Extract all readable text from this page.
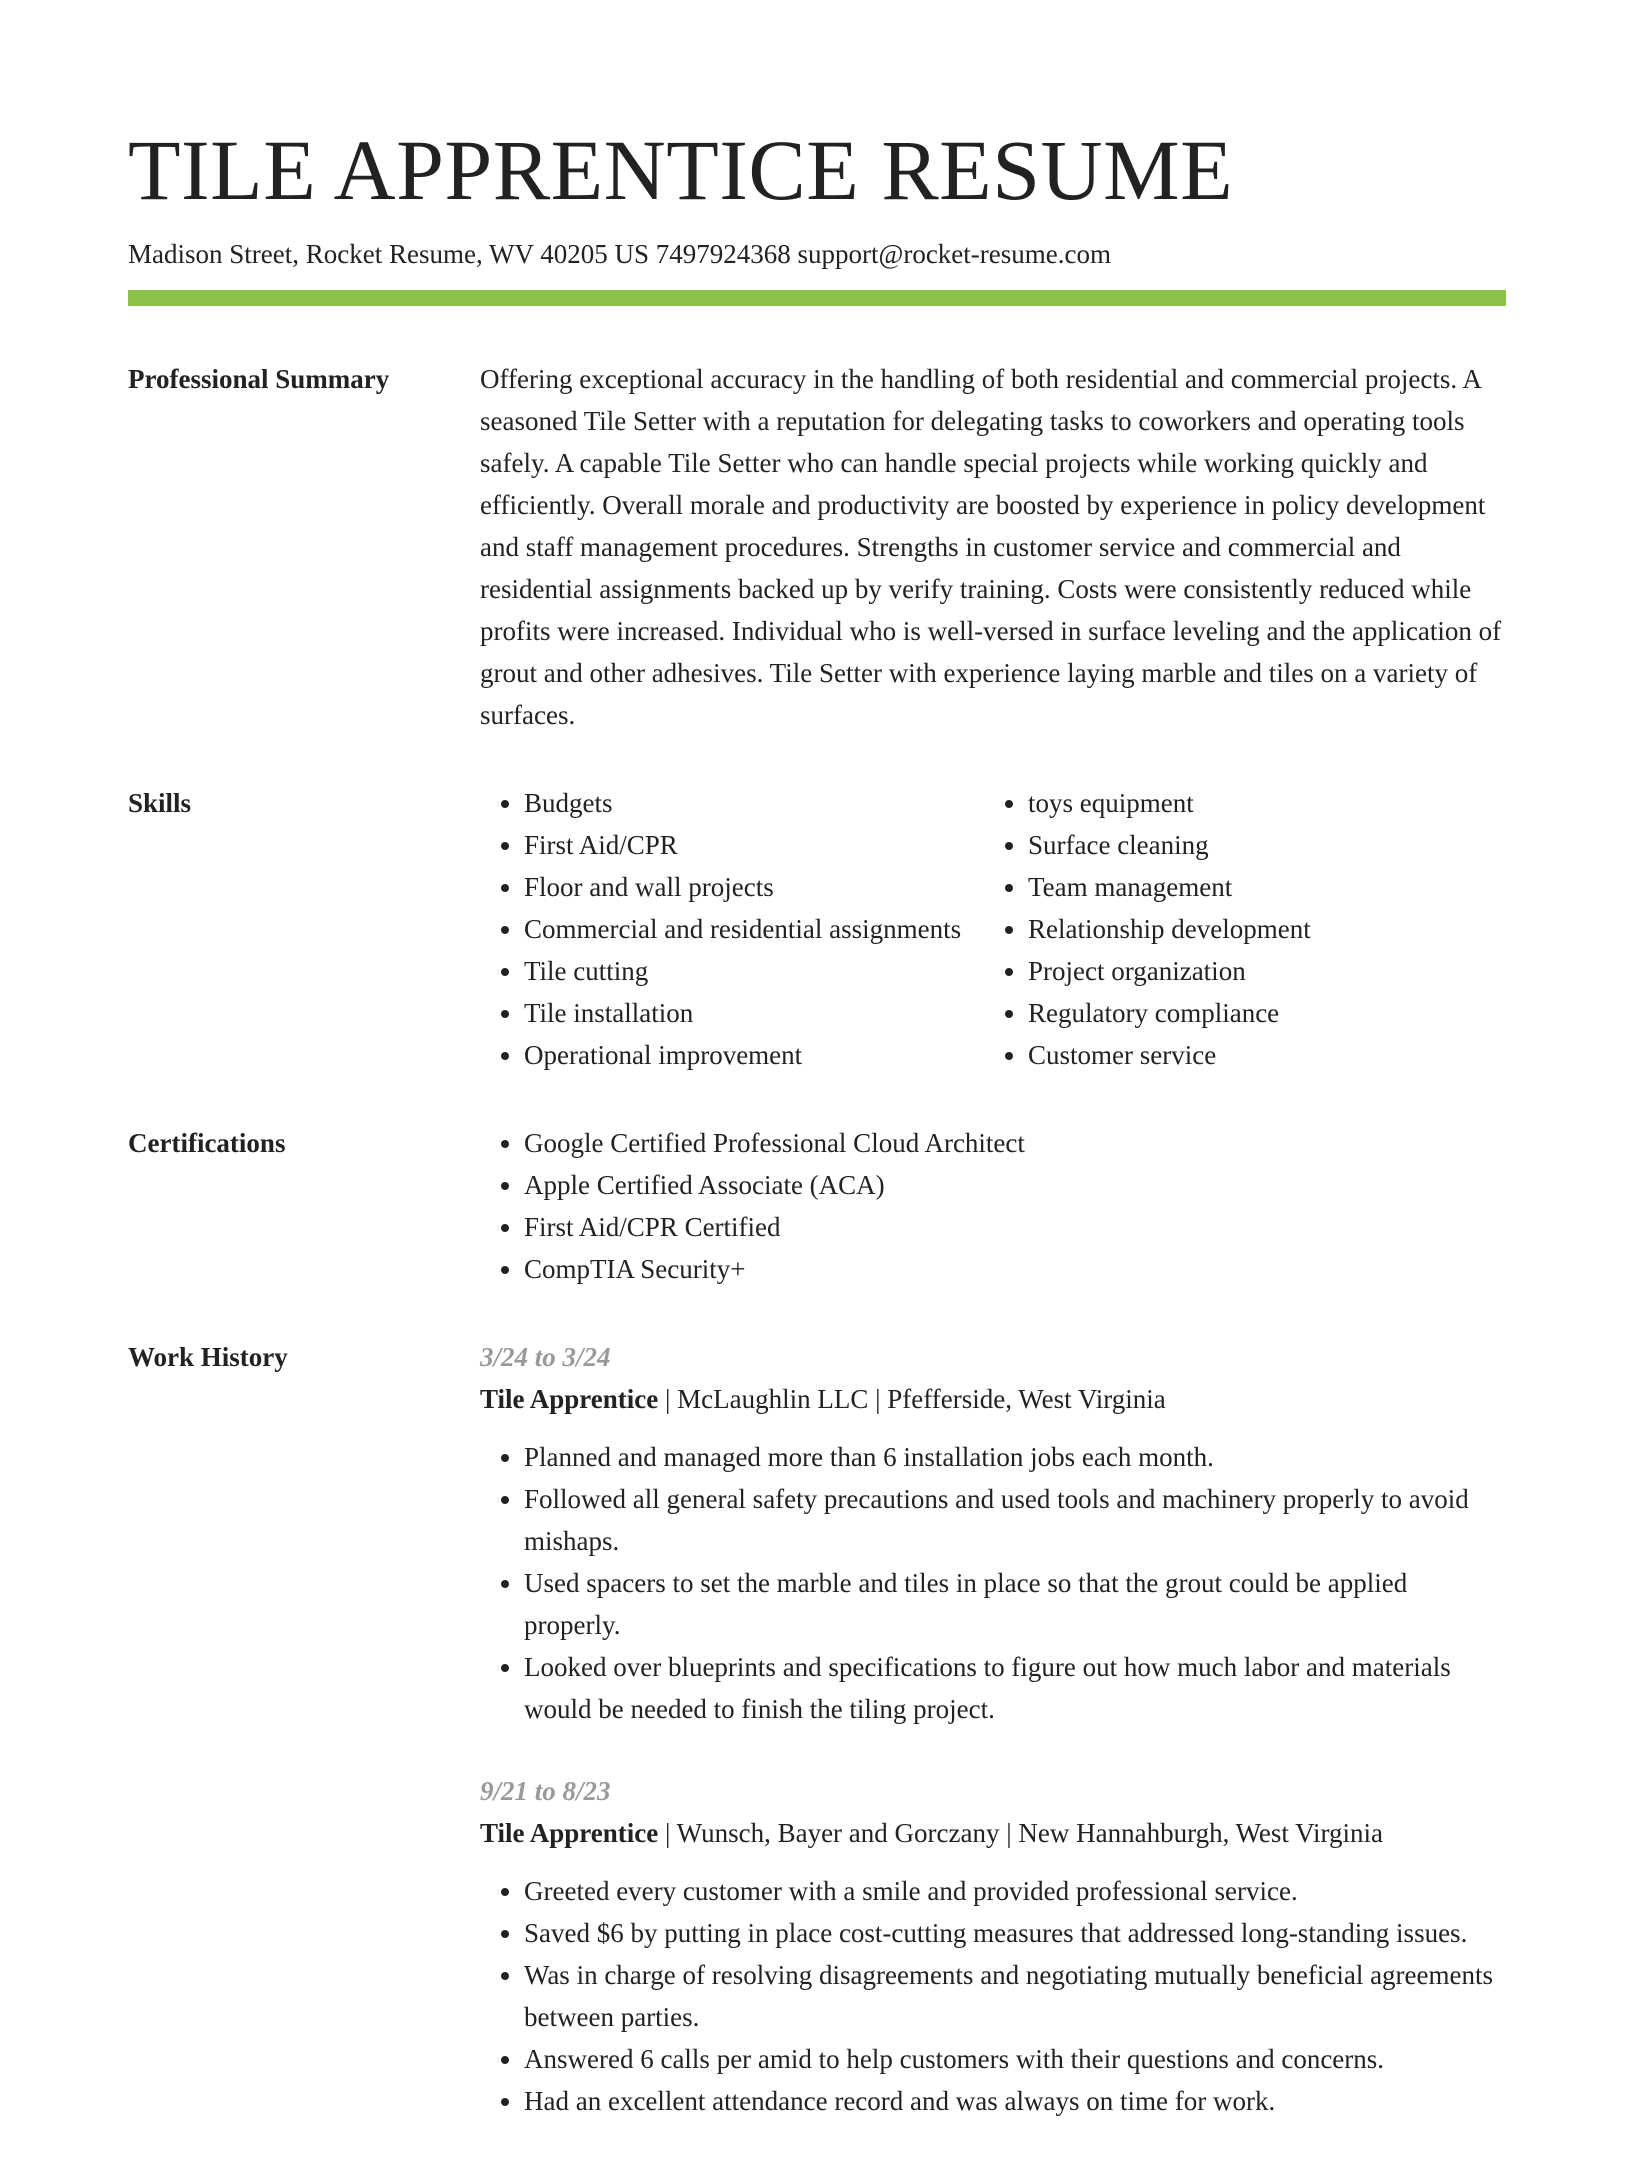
TILE APPRENTICE RESUME
Madison Street, Rocket Resume, WV 40205 US 7497924368 support@rocket-resume.com
Professional Summary	Offering exceptional accuracy in the handling of both residential and commercial projects. A seasoned Tile Setter with a reputation for delegating tasks to coworkers and operating tools safely. A capable Tile Setter who can handle special projects while working quickly and efficiently. Overall morale and productivity are boosted by experience in policy development and staff management procedures. Strengths in customer service and commercial and residential assignments backed up by verify training. Costs were consistently reduced while profits were increased. Individual who is well-versed in surface leveling and the application of grout and other adhesives. Tile Setter with experience laying marble and tiles on a variety of surfaces.

Skills	• Budgets
• First Aid/CPR
• Floor and wall projects
• Commercial and residential assignments
• Tile cutting
• Tile installation
• Operational improvement
• toys equipment
• Surface cleaning
• Team management
• Relationship development
• Project organization
• Regulatory compliance
• Customer service
Certifications	• Google Certified Professional Cloud Architect
• Apple Certified Associate (ACA)
• First Aid/CPR Certified
• CompTIA Security+
Work History	3/24 to 3/24
Tile Apprentice | McLaughlin LLC | Pfefferside, West Virginia
• Planned and managed more than 6 installation jobs each month.
• Followed all general safety precautions and used tools and machinery properly to avoid mishaps.
• Used spacers to set the marble and tiles in place so that the grout could be applied properly.
• Looked over blueprints and specifications to figure out how much labor and materials would be needed to finish the tiling project.
9/21 to 8/23
Tile Apprentice | Wunsch, Bayer and Gorczany | New Hannahburgh, West Virginia
• Greeted every customer with a smile and provided professional service.
• Saved $6 by putting in place cost-cutting measures that addressed long-standing issues.
• Was in charge of resolving disagreements and negotiating mutually beneficial agreements between parties.
• Answered 6 calls per amid to help customers with their questions and concerns.
• Had an excellent attendance record and was always on time for work.
